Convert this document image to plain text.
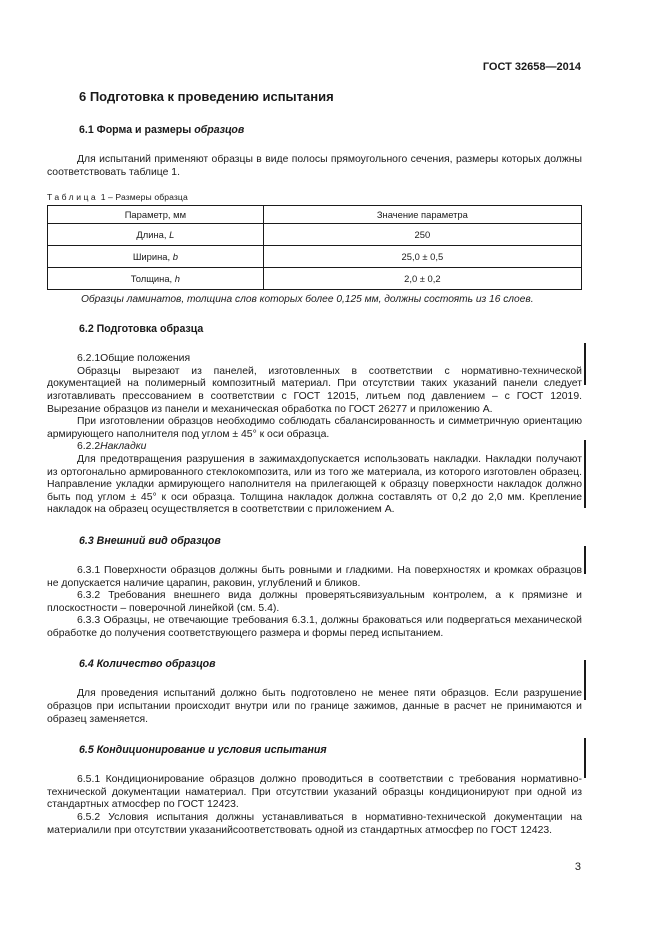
ГОСТ 32658—2014
6 Подготовка к проведению испытания
6.1 Форма и размеры образцов

Для испытаний применяют образцы в виде полосы прямоугольного сечения, размеры которых должны соответствовать таблице 1.

Таблица 1 – Размеры образца
Параметр, мм	Значение параметра
Длина, L	250
Ширина, b	25,0 ± 0,5
Толщина, h	2,0 ± 0,2
Образцы ламинатов, толщина слов которых более 0,125 мм, должны состоять из 16 слоев.
6.2 Подготовка образца

6.2.1Общие положения

Образцы вырезают из панелей, изготовленных в соответствии с нормативно-технической документацией на полимерный композитный материал. При отсутствии таких указаний панели следует изготавливать прессованием в соответствии с ГОСТ 12015, литьем под давлением – с ГОСТ 12019. Вырезание образцов из панели и механическая обработка по ГОСТ 26277 и приложению А.

При изготовлении образцов необходимо соблюдать сбалансированность и симметричную ориентацию армирующего наполнителя под углом ± 45° к оси образца.

6.2.2Накладки

Для предотвращения разрушения в зажимахдопускается использовать накладки. Накладки получают из ортогонально армированного стеклокомпозита, или из того же материала, из которого изготовлен образец. Направление укладки армирующего наполнителя на прилегающей к образцу поверхности накладок должно быть под углом ± 45° к оси образца. Толщина накладок должна составлять от 0,2 до 2,0 мм. Крепление накладок на образец осуществляется в соответствии с приложением А.

6.3 Внешний вид образцов

6.3.1 Поверхности образцов должны быть ровными и гладкими. На поверхностях и кромках образцов не допускается наличие царапин, раковин, углублений и бликов.

6.3.2 Требования внешнего вида должны проверятьсявизуальным контролем, а к прямизне и плоскостности – поверочной линейкой (см. 5.4).

6.3.3 Образцы, не отвечающие требования 6.3.1, должны браковаться или подвергаться механической обработке до получения соответствующего размера и формы перед испытанием.

6.4 Количество образцов

Для проведения испытаний должно быть подготовлено не менее пяти образцов. Если разрушение образцов при испытании происходит внутри или по границе зажимов, данные в расчет не принимаются и образец заменяется.

6.5 Кондиционирование и условия испытания

6.5.1 Кондиционирование образцов должно проводиться в соответствии с требования нормативно-технической документации наматериал. При отсутствии указаний образцы кондиционируют при одной из стандартных атмосфер по ГОСТ 12423.

6.5.2 Условия испытания должны устанавливаться в нормативно-технической документации на материалили при отсутствии указанийсоответствовать одной из стандартных атмосфер по ГОСТ 12423.

3
